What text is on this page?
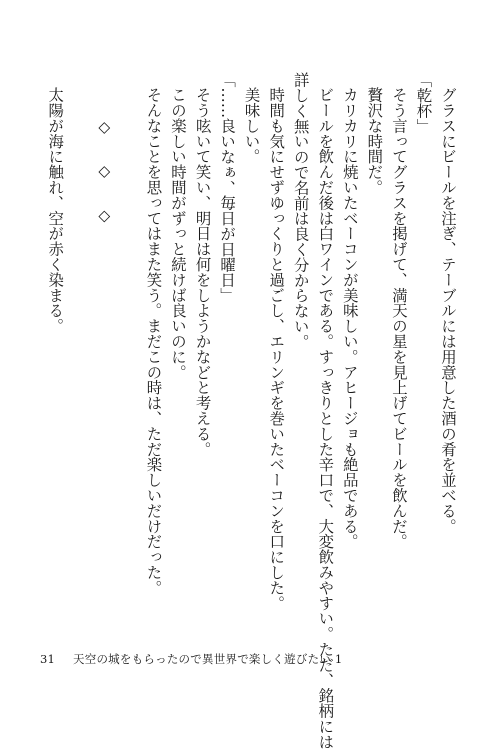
グラスにビールを注ぎ、テーブルには用意した酒の肴を並べる。
「乾杯」
そう言ってグラスを掲げて、満天の星を見上げてビールを飲んだ。
贅沢な時間だ。
カリカリに焼いたベーコンが美味しい。アヒージョも絶品である。
ビールを飲んだ後は白ワインである。すっきりとした辛口で、大変飲みやすい。ただ、銘柄には
詳しく無いので名前は良く分からない。
時間も気にせずゆっくりと過ごし、エリンギを巻いたベーコンを口にした。
美味しい。
「……良いなぁ、毎日が日曜日」
そう呟いて笑い、明日は何をしようかなどと考える。
この楽しい時間がずっと続けば良いのに。
そんなことを思ってはまた笑う。まだこの時は、ただ楽しいだけだった。

◇　◇　◇

太陽が海に触れ、空が赤く染まる。
31 天空の城をもらったので異世界で楽しく遊びたい 1
